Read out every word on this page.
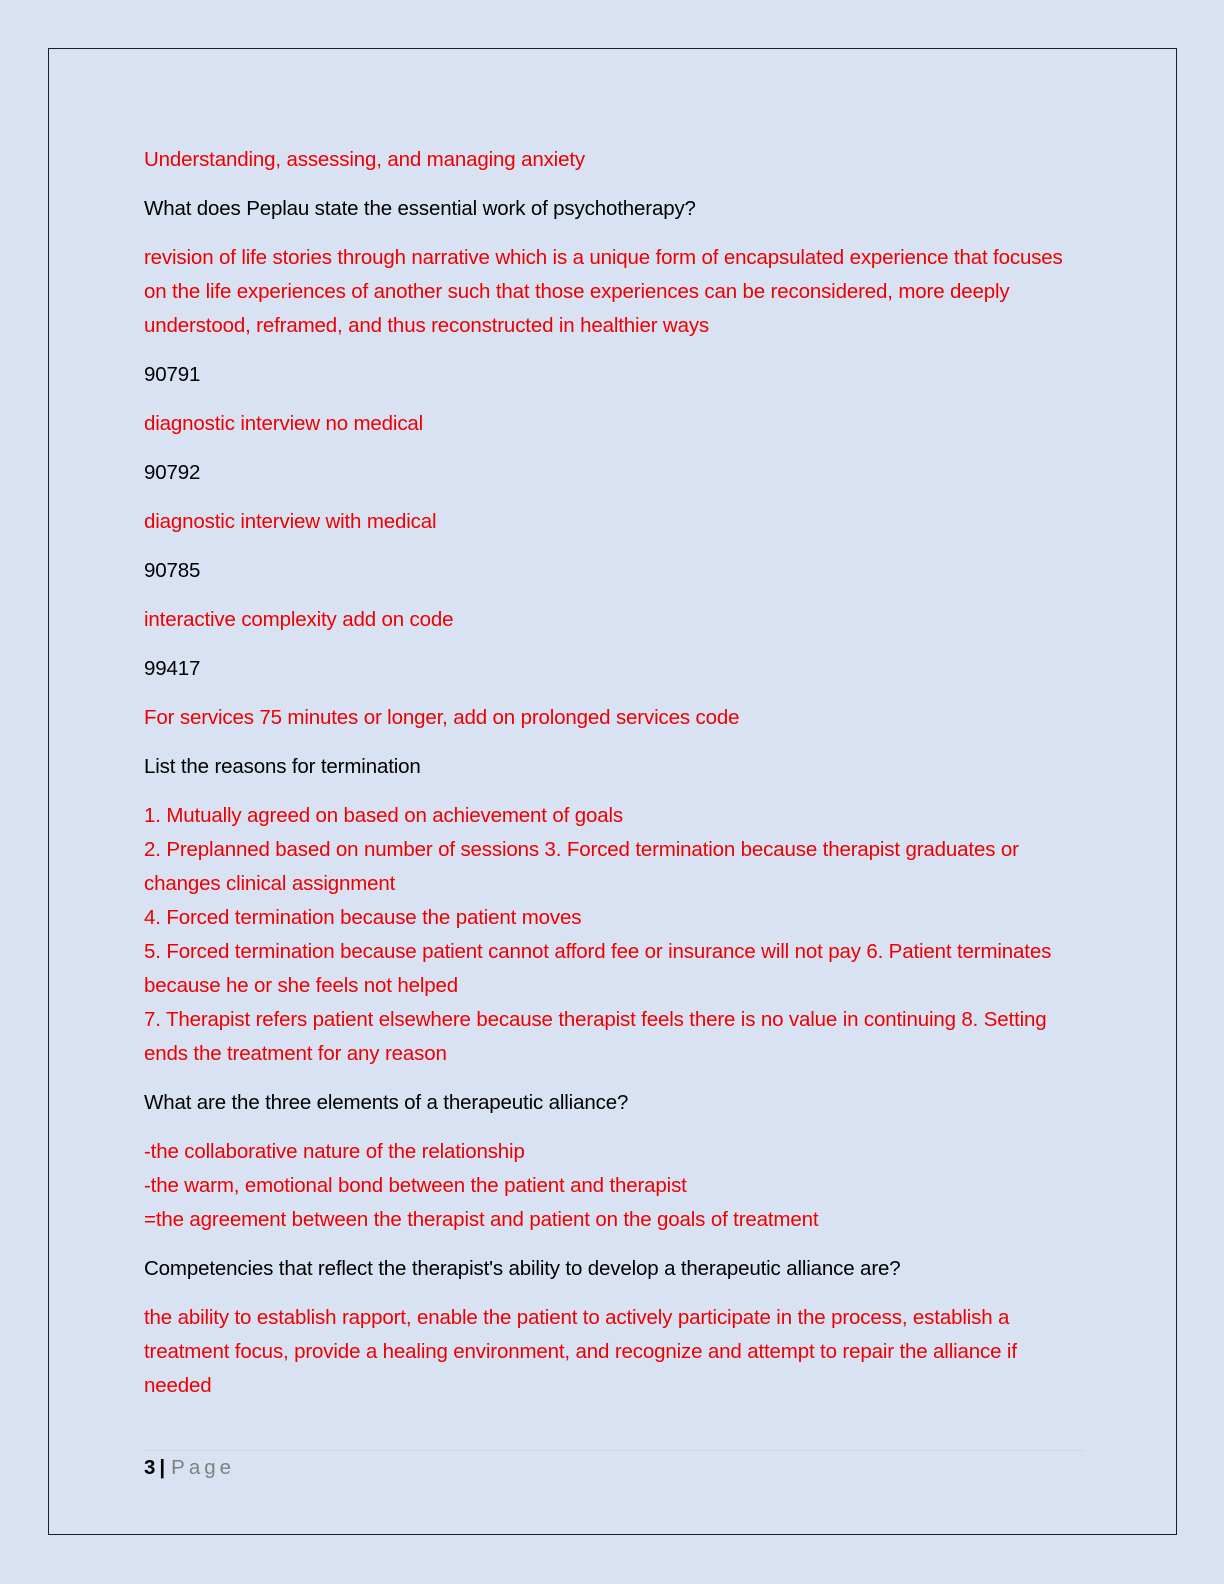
Understanding, assessing, and managing anxiety

What does Peplau state the essential work of psychotherapy?

revision of life stories through narrative which is a unique form of encapsulated experience that focuses on the life experiences of another such that those experiences can be reconsidered, more deeply understood, reframed, and thus reconstructed in healthier ways

90791

diagnostic interview no medical

90792

diagnostic interview with medical

90785

interactive complexity add on code

99417

For services 75 minutes or longer, add on prolonged services code

List the reasons for termination

1. Mutually agreed on based on achievement of goals
2. Preplanned based on number of sessions 3. Forced termination because therapist graduates or changes clinical assignment
4. Forced termination because the patient moves
5. Forced termination because patient cannot afford fee or insurance will not pay 6. Patient terminates because he or she feels not helped
7. Therapist refers patient elsewhere because therapist feels there is no value in continuing 8. Setting ends the treatment for any reason

What are the three elements of a therapeutic alliance?

-the collaborative nature of the relationship
-the warm, emotional bond between the patient and therapist
=the agreement between the therapist and patient on the goals of treatment

Competencies that reflect the therapist's ability to develop a therapeutic alliance are?

the ability to establish rapport, enable the patient to actively participate in the process, establish a treatment focus, provide a healing environment, and recognize and attempt to repair the alliance if needed

3 | Page
